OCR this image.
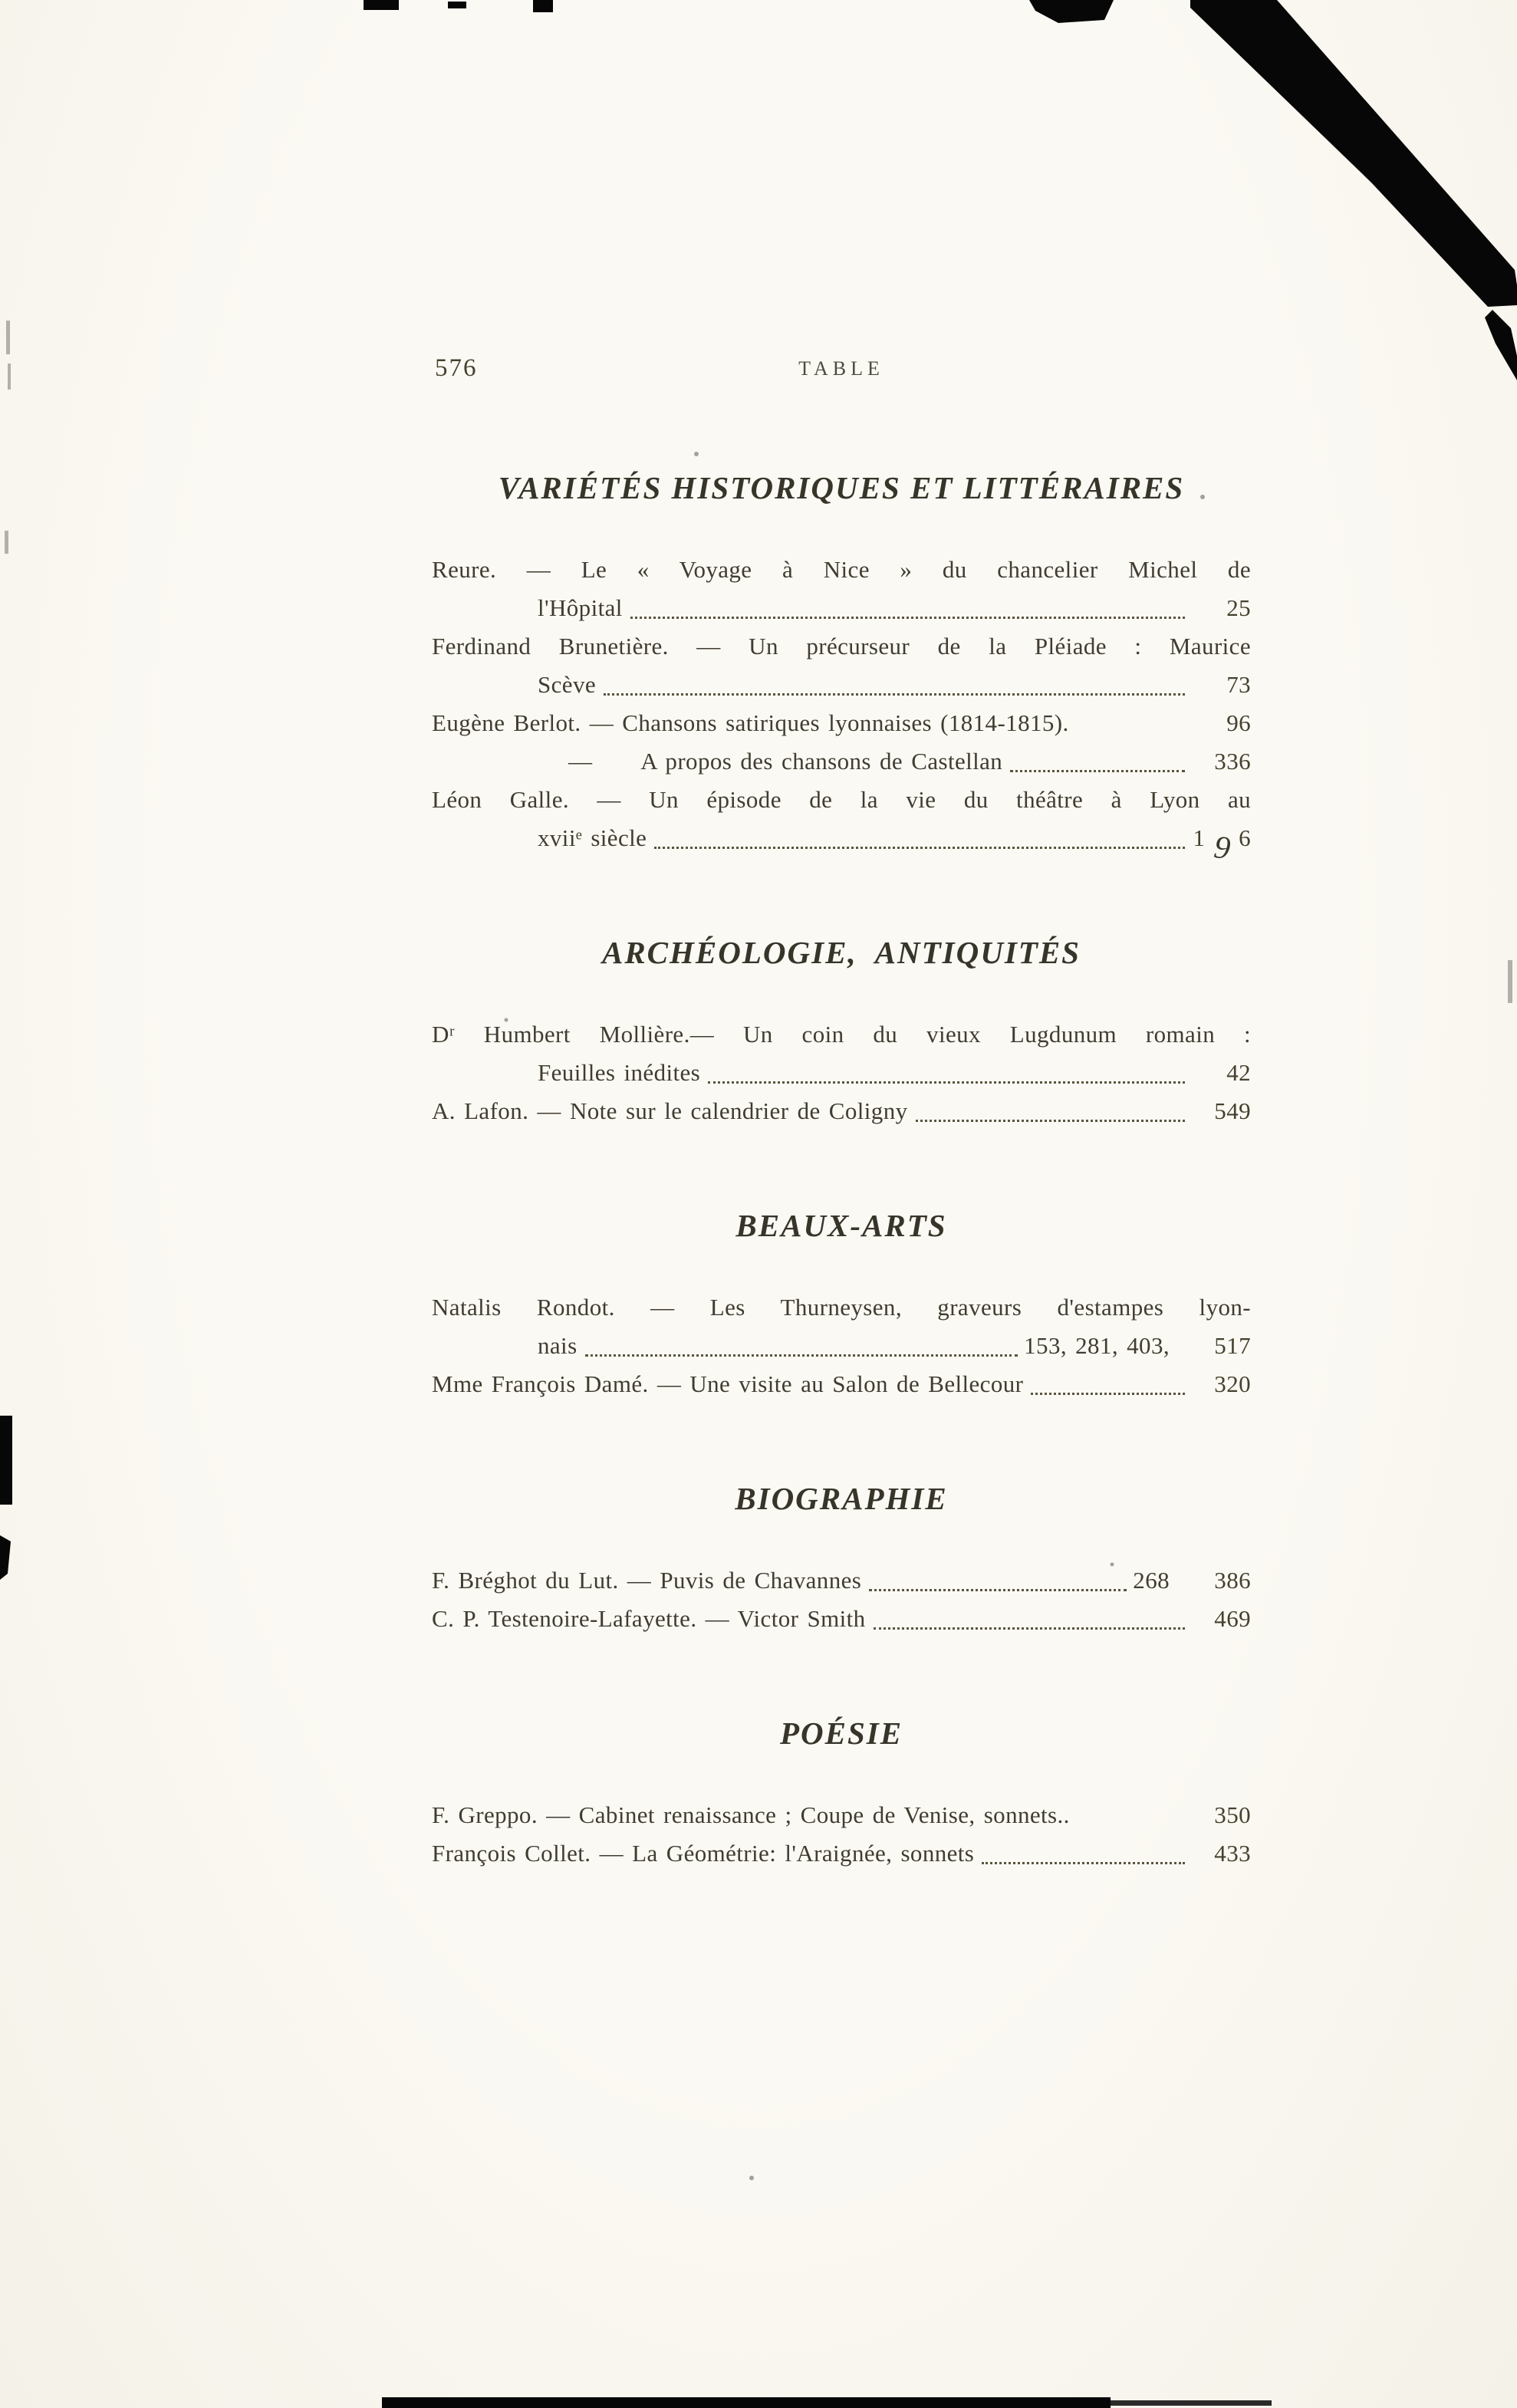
576	TABLE
VARIÉTÉS HISTORIQUES ET LITTÉRAIRES
Reure. — Le « Voyage à Nice » du chancelier Michel de
l'Hôpital	25
Ferdinand Brunetière. — Un précurseur de la Pléiade : Maurice
Scève	73
Eugène Berlot. — Chansons satiriques lyonnaises (1814-1815).	96
—  A propos des chansons de Castellan	336
Léon Galle. — Un épisode de la vie du théâtre à Lyon au
xviiᵉ siècle	1 9 6
ARCHÉOLOGIE,  ANTIQUITÉS
Dʳ Humbert Mollière.— Un coin du vieux Lugdunum romain :
Feuilles inédites	42
A. Lafon. — Note sur le calendrier de Coligny	549
BEAUX-ARTS
Natalis Rondot. — Les Thurneysen, graveurs d'estampes lyon-
nais	153, 281, 403,	517
Mme François Damé. — Une visite au Salon de Bellecour	320
BIOGRAPHIE
F. Bréghot du Lut. — Puvis de Chavannes	268	386
C. P. Testenoire-Lafayette. — Victor Smith	469
POÉSIE
F. Greppo. — Cabinet renaissance ; Coupe de Venise, sonnets..	350
François Collet. — La Géométrie: l'Araignée, sonnets	433
